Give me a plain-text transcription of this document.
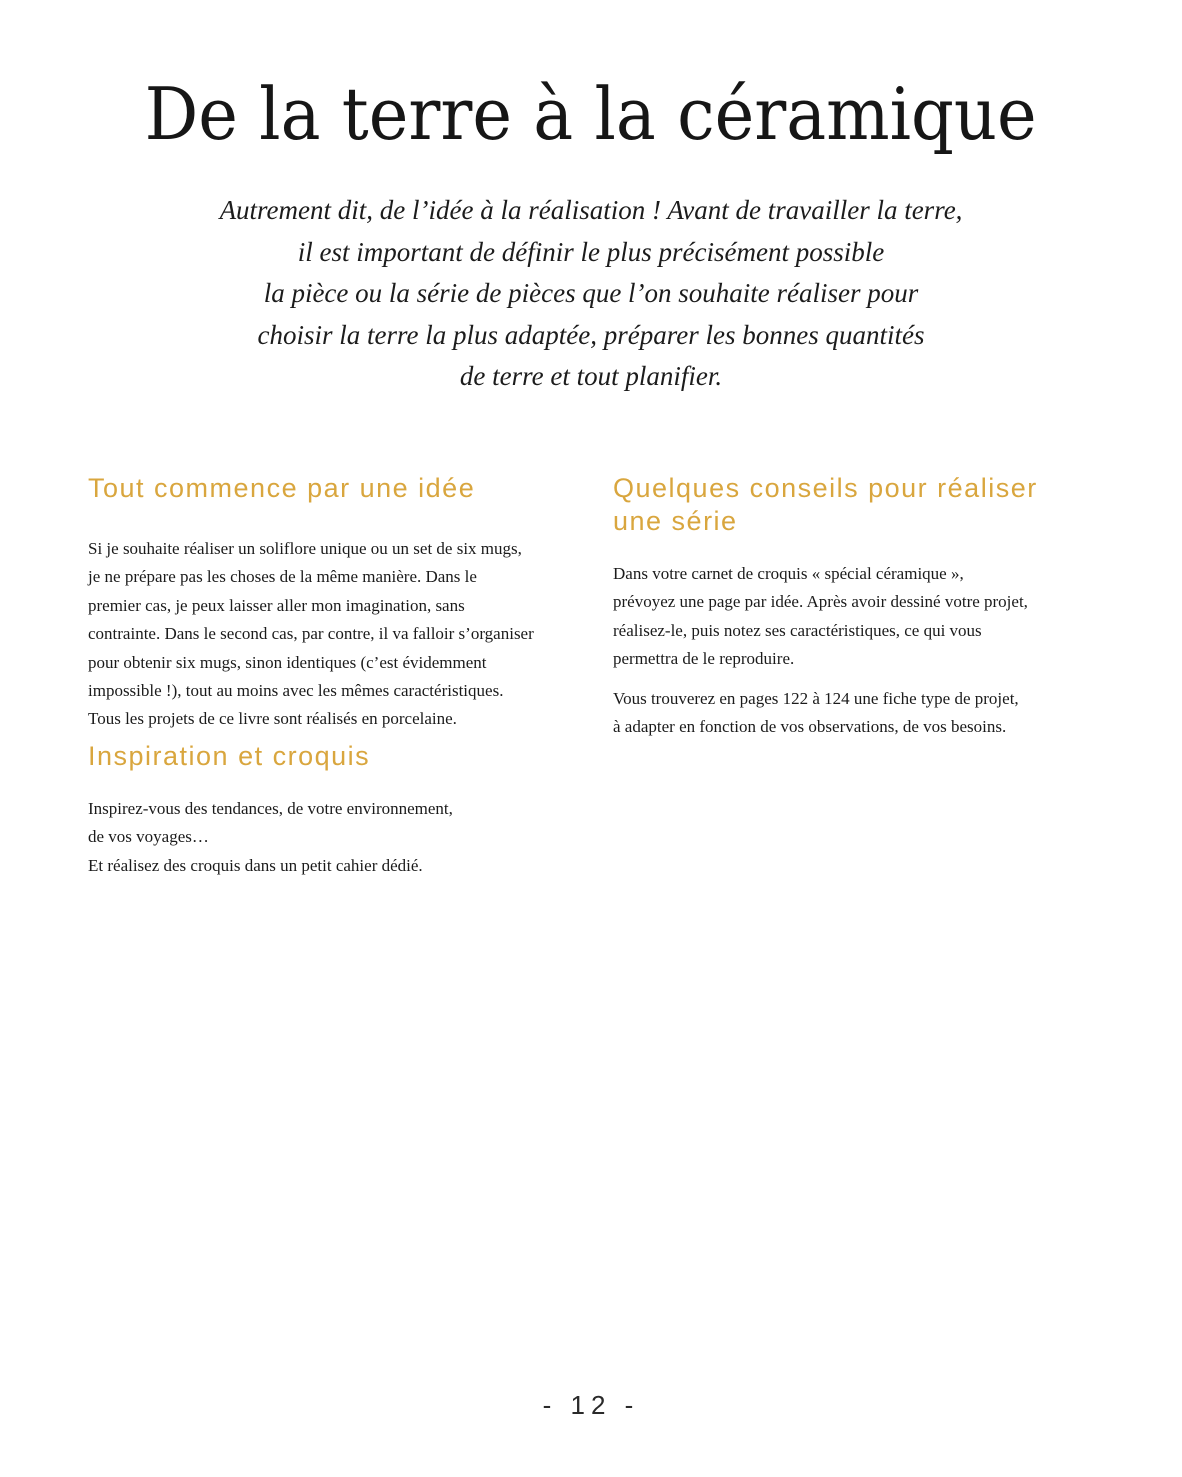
De la terre à la céramique
Autrement dit, de l’idée à la réalisation ! Avant de travailler la terre,
il est important de définir le plus précisément possible
la pièce ou la série de pièces que l’on souhaite réaliser pour
choisir la terre la plus adaptée, préparer les bonnes quantités
de terre et tout planifier.
Tout commence par une idée
Si je souhaite réaliser un soliflore unique ou un set de six mugs,
je ne prépare pas les choses de la même manière. Dans le
premier cas, je peux laisser aller mon imagination, sans
contrainte. Dans le second cas, par contre, il va falloir s’organiser
pour obtenir six mugs, sinon identiques (c’est évidemment
impossible !), tout au moins avec les mêmes caractéristiques.
Tous les projets de ce livre sont réalisés en porcelaine.
Inspiration et croquis
Inspirez-vous des tendances, de votre environnement,
de vos voyages…
Et réalisez des croquis dans un petit cahier dédié.
Quelques conseils pour réaliser
une série
Dans votre carnet de croquis « spécial céramique »,
prévoyez une page par idée. Après avoir dessiné votre projet,
réalisez-le, puis notez ses caractéristiques, ce qui vous
permettra de le reproduire.
Vous trouverez en pages 122 à 124 une fiche type de projet,
à adapter en fonction de vos observations, de vos besoins.
- 12 -
